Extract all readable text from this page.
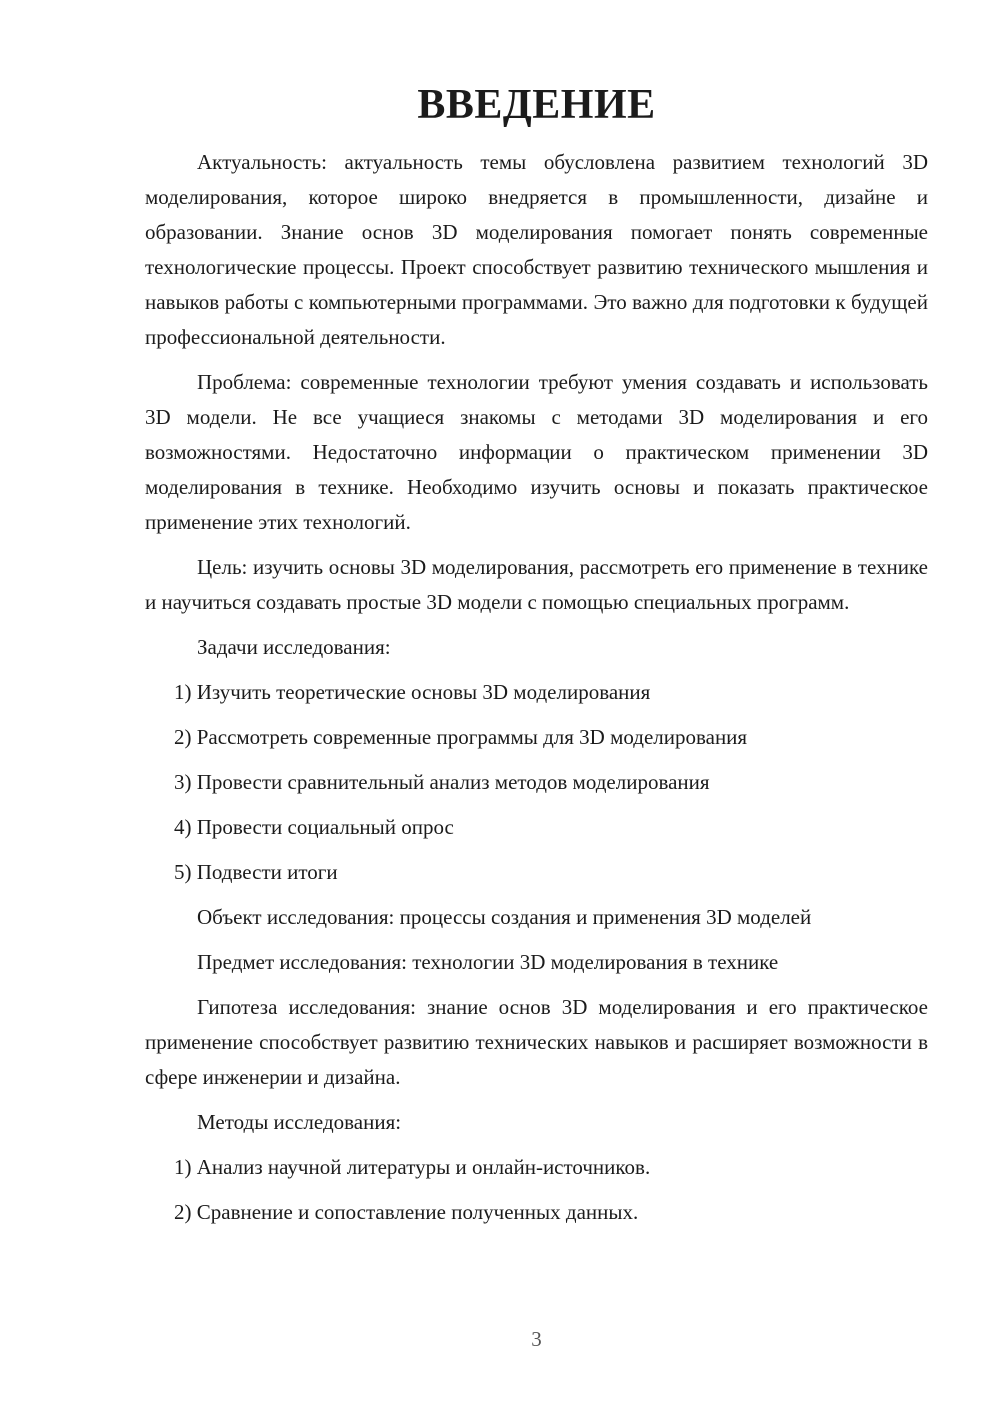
ВВЕДЕНИЕ

Актуальность: актуальность темы обусловлена развитием технологий 3D моделирования, которое широко внедряется в промышленности, дизайне и образовании. Знание основ 3D моделирования помогает понять современные технологические процессы. Проект способствует развитию технического мышления и навыков работы с компьютерными программами. Это важно для подготовки к будущей профессиональной деятельности.

Проблема: современные технологии требуют умения создавать и использовать 3D модели. Не все учащиеся знакомы с методами 3D моделирования и его возможностями. Недостаточно информации о практическом применении 3D моделирования в технике. Необходимо изучить основы и показать практическое применение этих технологий.

Цель: изучить основы 3D моделирования, рассмотреть его применение в технике и научиться создавать простые 3D модели с помощью специальных программ.

Задачи исследования:

1) Изучить теоретические основы 3D моделирования

2) Рассмотреть современные программы для 3D моделирования

3) Провести сравнительный анализ методов моделирования

4) Провести социальный опрос

5) Подвести итоги

Объект исследования: процессы создания и применения 3D моделей

Предмет исследования: технологии 3D моделирования в технике

Гипотеза исследования: знание основ 3D моделирования и его практическое применение способствует развитию технических навыков и расширяет возможности в сфере инженерии и дизайна.

Методы исследования:

1) Анализ научной литературы и онлайн-источников.

2) Сравнение и сопоставление полученных данных.

3
